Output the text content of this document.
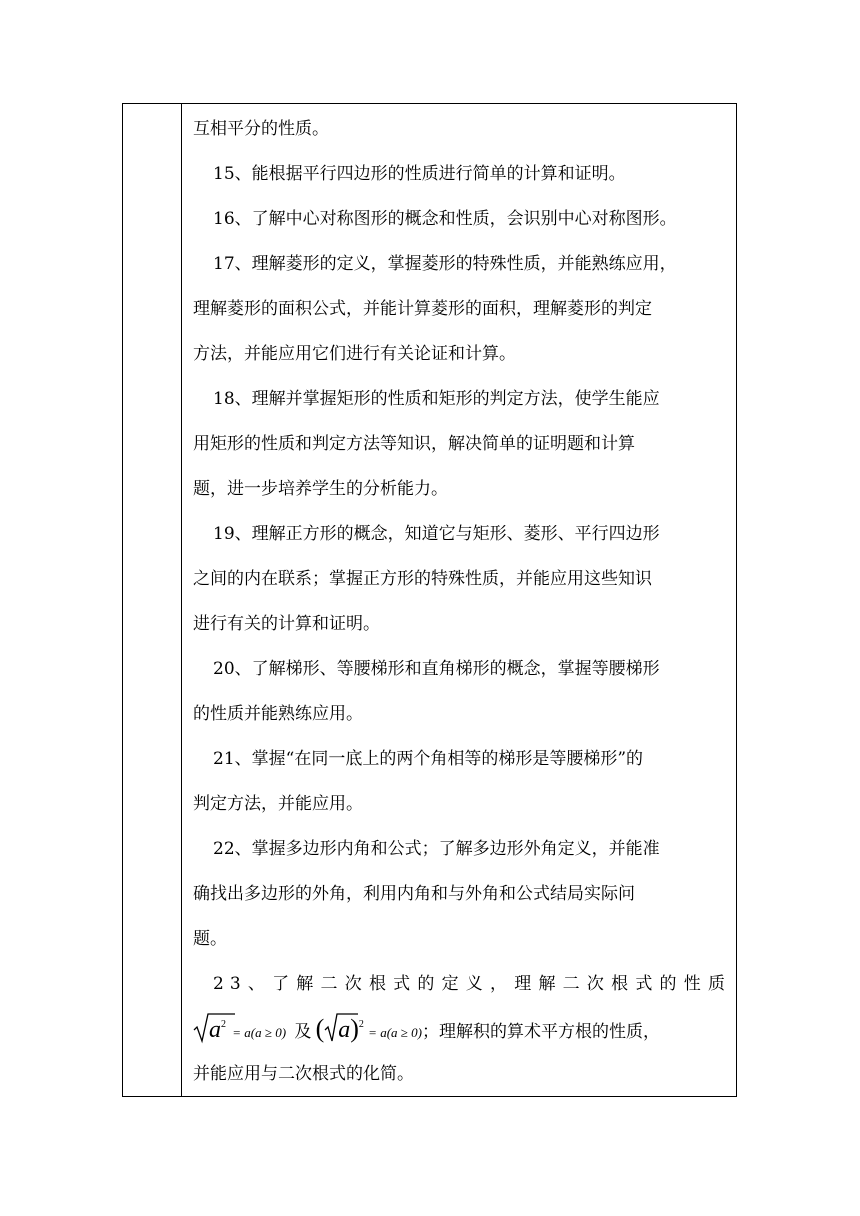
互相平分的性质。
15、能根据平行四边形的性质进行简单的计算和证明。
16、了解中心对称图形的概念和性质，会识别中心对称图形。
17、理解菱形的定义，掌握菱形的特殊性质，并能熟练应用，
理解菱形的面积公式，并能计算菱形的面积，理解菱形的判定
方法，并能应用它们进行有关论证和计算。
18、理解并掌握矩形的性质和矩形的判定方法，使学生能应
用矩形的性质和判定方法等知识，解决简单的证明题和计算
题，进一步培养学生的分析能力。
19、理解正方形的概念，知道它与矩形、菱形、平行四边形
之间的内在联系；掌握正方形的特殊性质，并能应用这些知识
进行有关的计算和证明。
20、了解梯形、等腰梯形和直角梯形的概念，掌握等腰梯形
的性质并能熟练应用。
21、掌握“在同一底上的两个角相等的梯形是等腰梯形”的
判定方法，并能应用。
22、掌握多边形内角和公式；了解多边形外角定义，并能准
确找出多边形的外角，利用内角和与外角和公式结局实际问
题。
23、了解二次根式的定义，理解二次根式的性质
$a^2 = a(a \ge 0)$ 及 ( a)$^2$ = a(a ≥ 0)；理解积的算术平方根的性质，
并能应用与二次根式的化简。
